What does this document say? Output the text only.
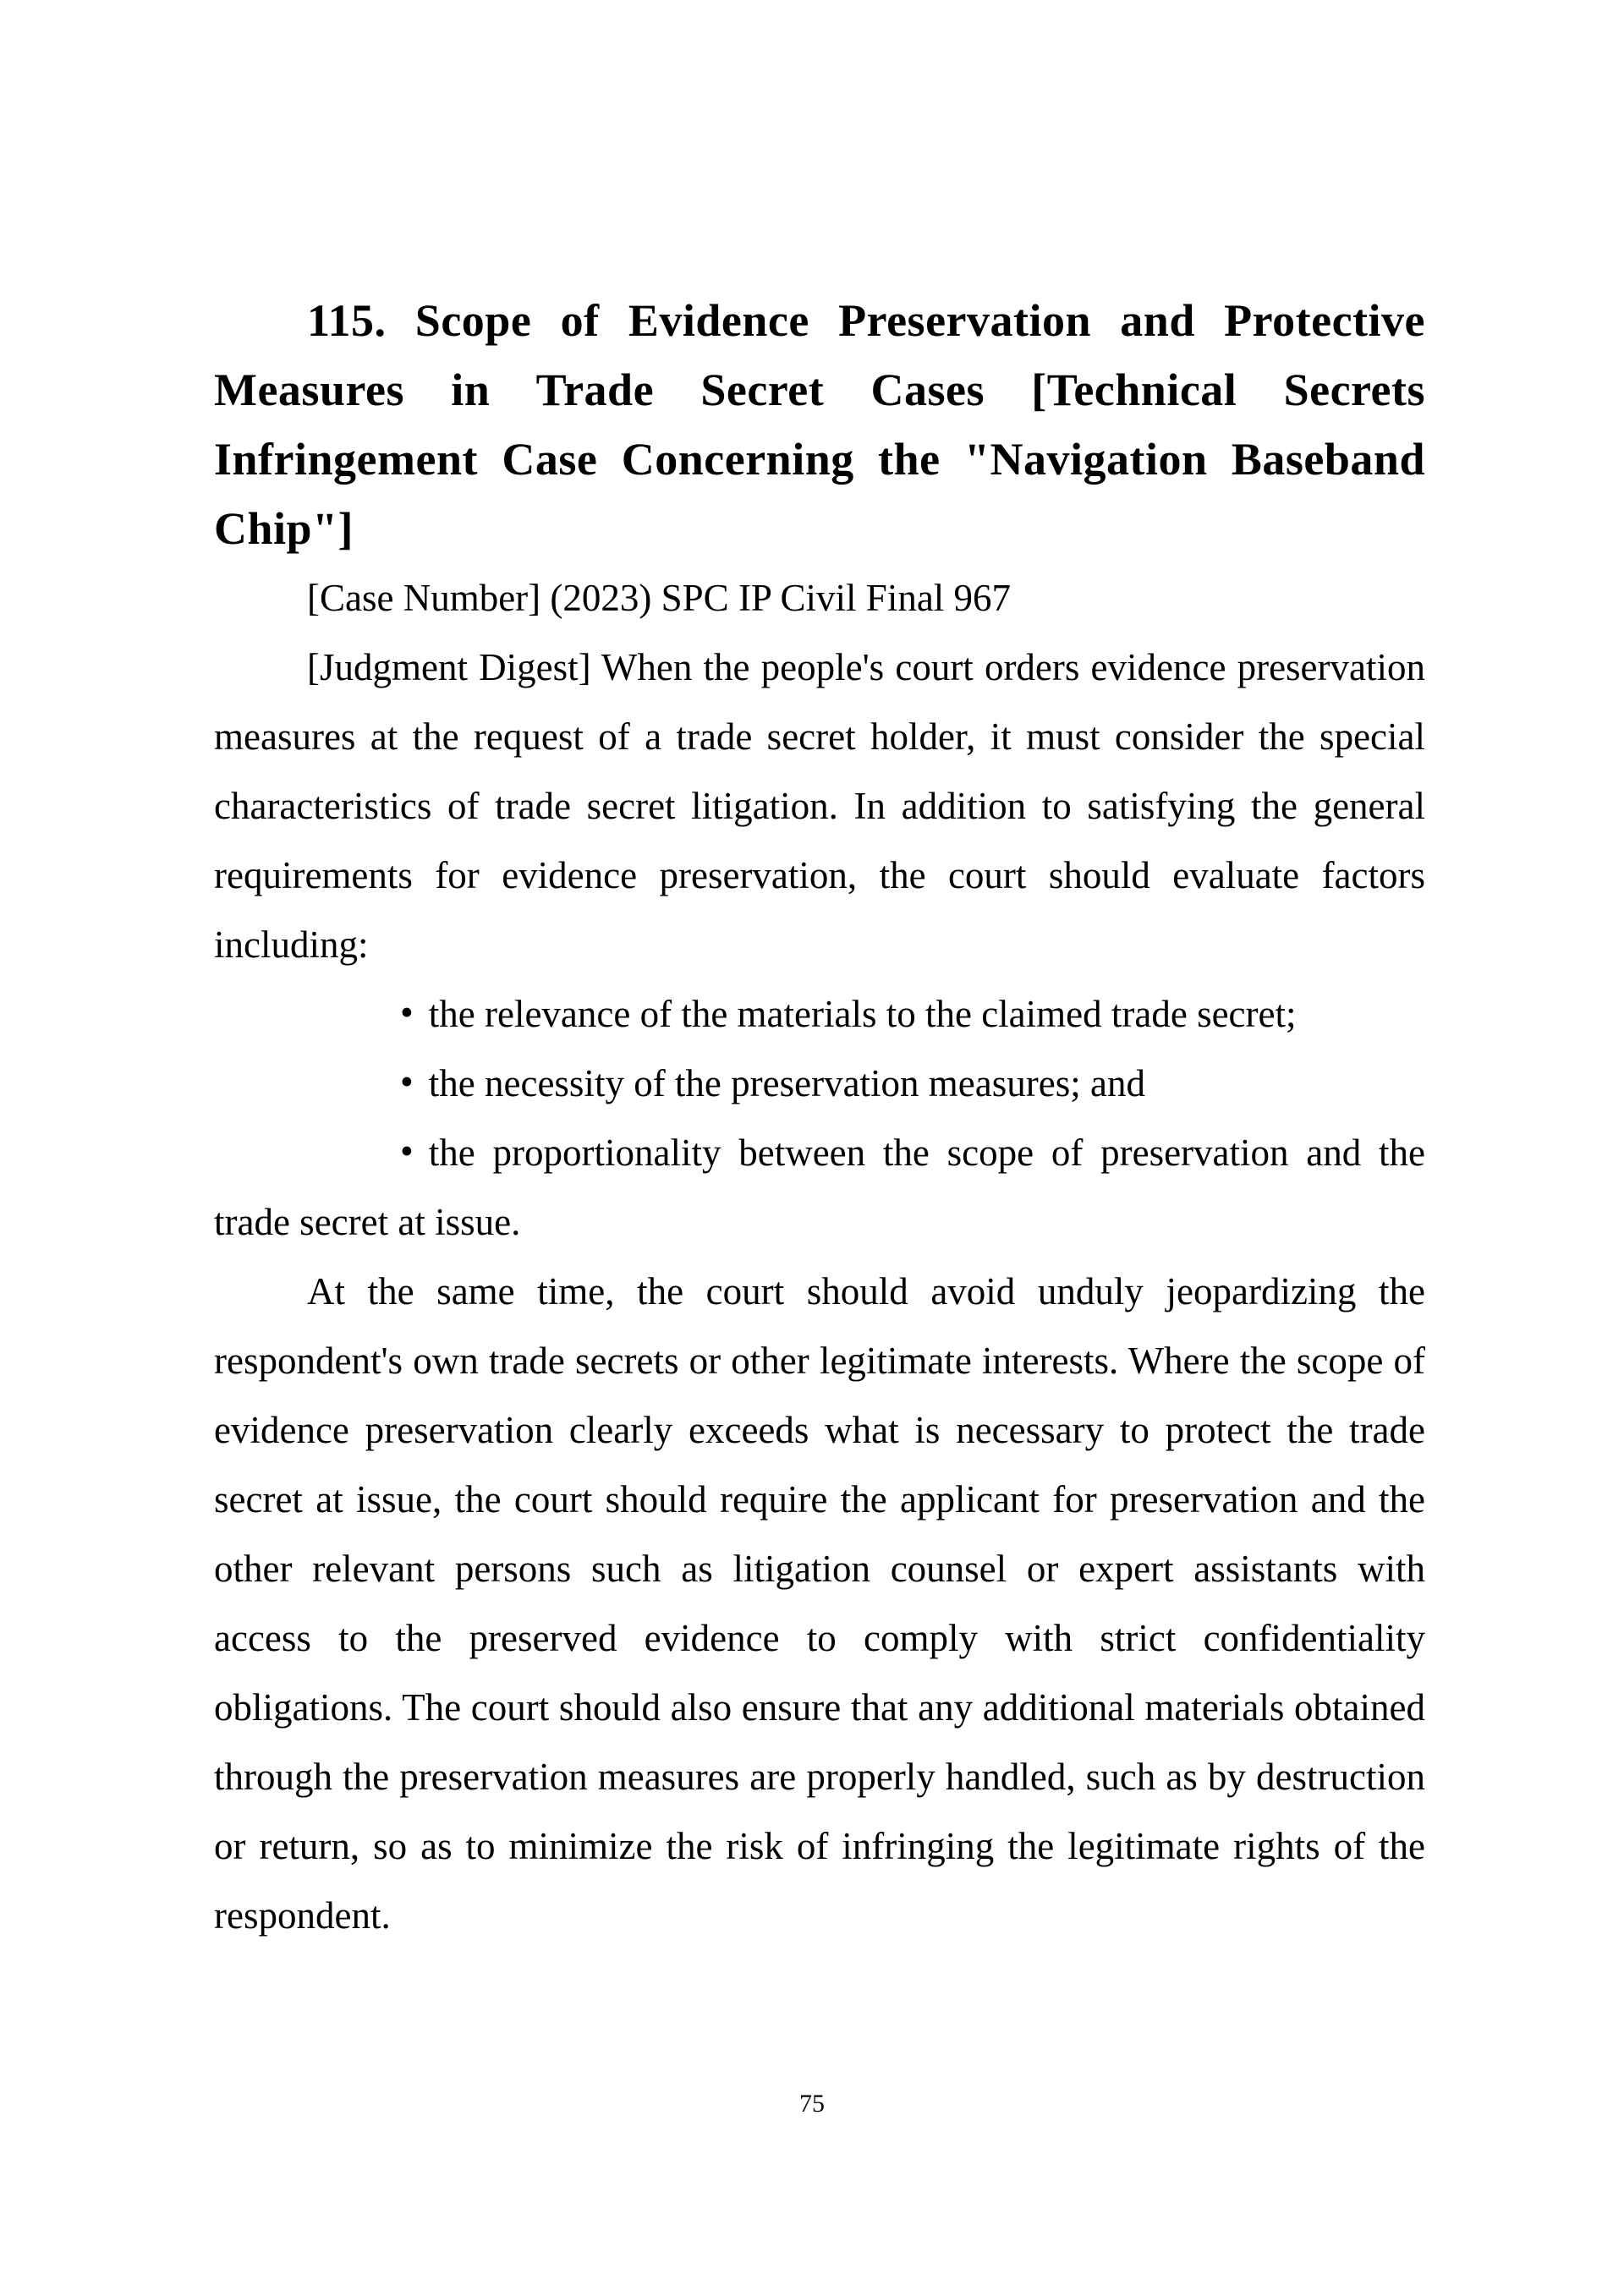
115. Scope of Evidence Preservation and Protective Measures in Trade Secret Cases [Technical Secrets Infringement Case Concerning the "Navigation Baseband Chip"]

[Case Number] (2023) SPC IP Civil Final 967

[Judgment Digest] When the people's court orders evidence preservation measures at the request of a trade secret holder, it must consider the special characteristics of trade secret litigation. In addition to satisfying the general requirements for evidence preservation, the court should evaluate factors including:

• the relevance of the materials to the claimed trade secret;

• the necessity of the preservation measures; and

• the proportionality between the scope of preservation and the trade secret at issue.

At the same time, the court should avoid unduly jeopardizing the respondent's own trade secrets or other legitimate interests. Where the scope of evidence preservation clearly exceeds what is necessary to protect the trade secret at issue, the court should require the applicant for preservation and the other relevant persons such as litigation counsel or expert assistants with access to the preserved evidence to comply with strict confidentiality obligations. The court should also ensure that any additional materials obtained through the preservation measures are properly handled, such as by destruction or return, so as to minimize the risk of infringing the legitimate rights of the respondent.

75
